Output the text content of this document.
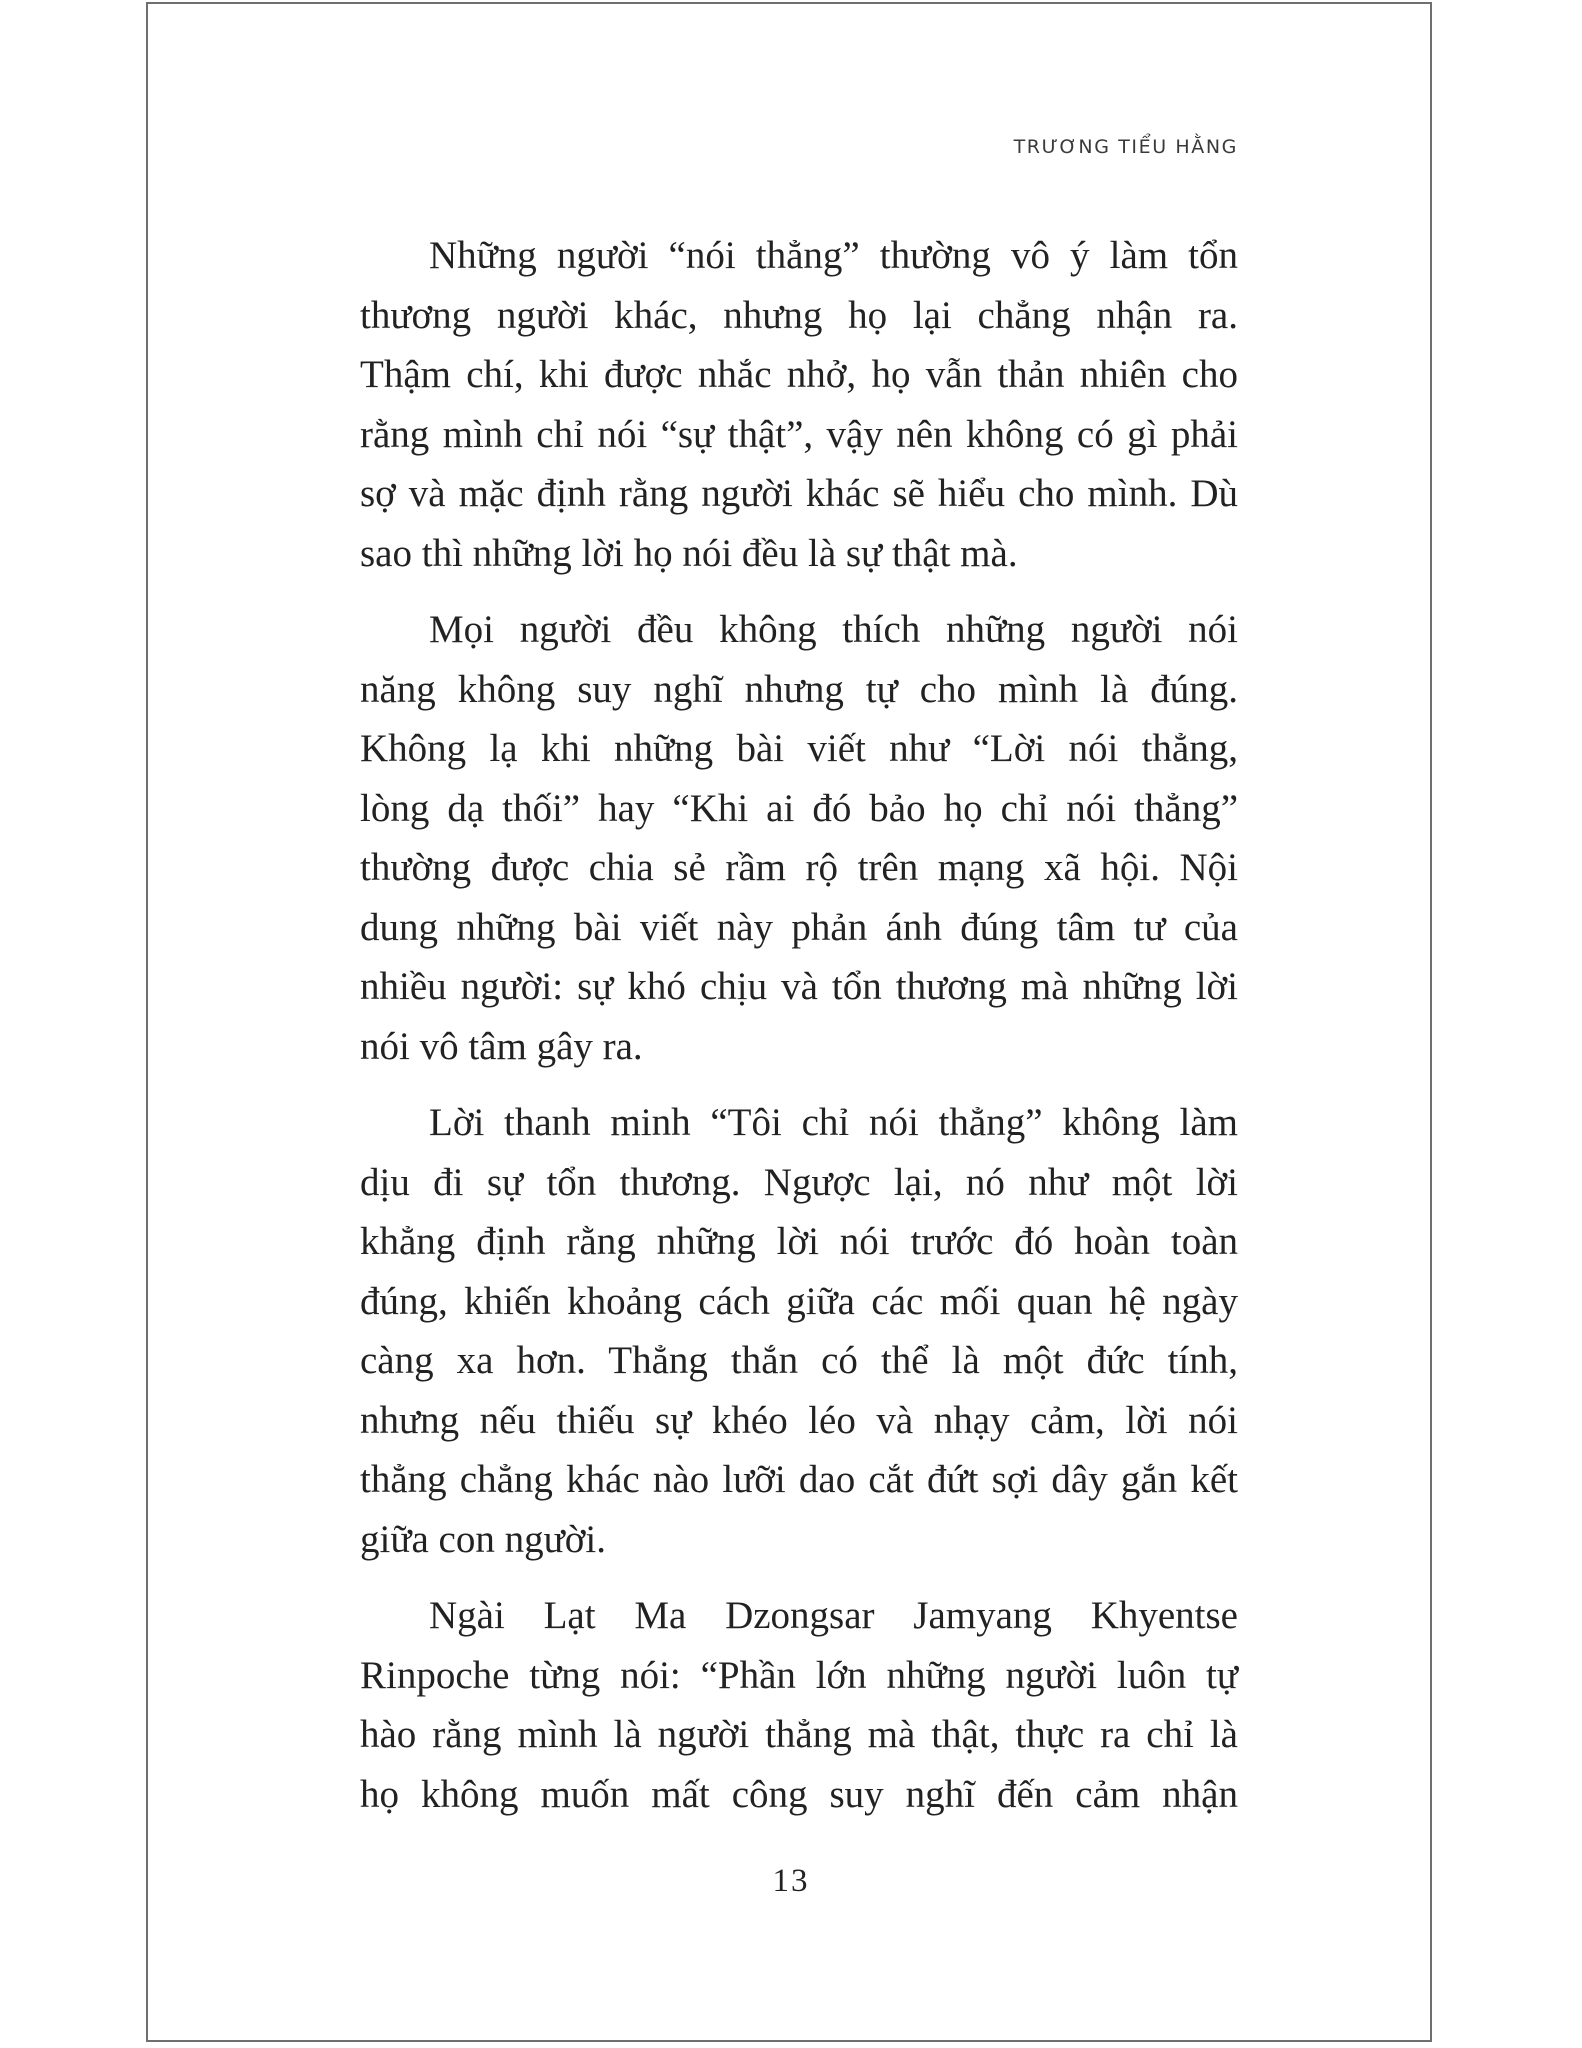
TRƯƠNG TIỂU HẰNG
Những người “nói thẳng” thường vô ý làm tổn
thương người khác, nhưng họ lại chẳng nhận ra.
Thậm chí, khi được nhắc nhở, họ vẫn thản nhiên cho
rằng mình chỉ nói “sự thật”, vậy nên không có gì phải
sợ và mặc định rằng người khác sẽ hiểu cho mình. Dù
sao thì những lời họ nói đều là sự thật mà.
Mọi người đều không thích những người nói
năng không suy nghĩ nhưng tự cho mình là đúng.
Không lạ khi những bài viết như “Lời nói thẳng,
lòng dạ thối” hay “Khi ai đó bảo họ chỉ nói thẳng”
thường được chia sẻ rầm rộ trên mạng xã hội. Nội
dung những bài viết này phản ánh đúng tâm tư của
nhiều người: sự khó chịu và tổn thương mà những lời
nói vô tâm gây ra.
Lời thanh minh “Tôi chỉ nói thẳng” không làm
dịu đi sự tổn thương. Ngược lại, nó như một lời
khẳng định rằng những lời nói trước đó hoàn toàn
đúng, khiến khoảng cách giữa các mối quan hệ ngày
càng xa hơn. Thẳng thắn có thể là một đức tính,
nhưng nếu thiếu sự khéo léo và nhạy cảm, lời nói
thẳng chẳng khác nào lưỡi dao cắt đứt sợi dây gắn kết
giữa con người.
Ngài Lạt Ma Dzongsar Jamyang Khyentse
Rinpoche từng nói: “Phần lớn những người luôn tự
hào rằng mình là người thẳng mà thật, thực ra chỉ là
họ không muốn mất công suy nghĩ đến cảm nhận
13
